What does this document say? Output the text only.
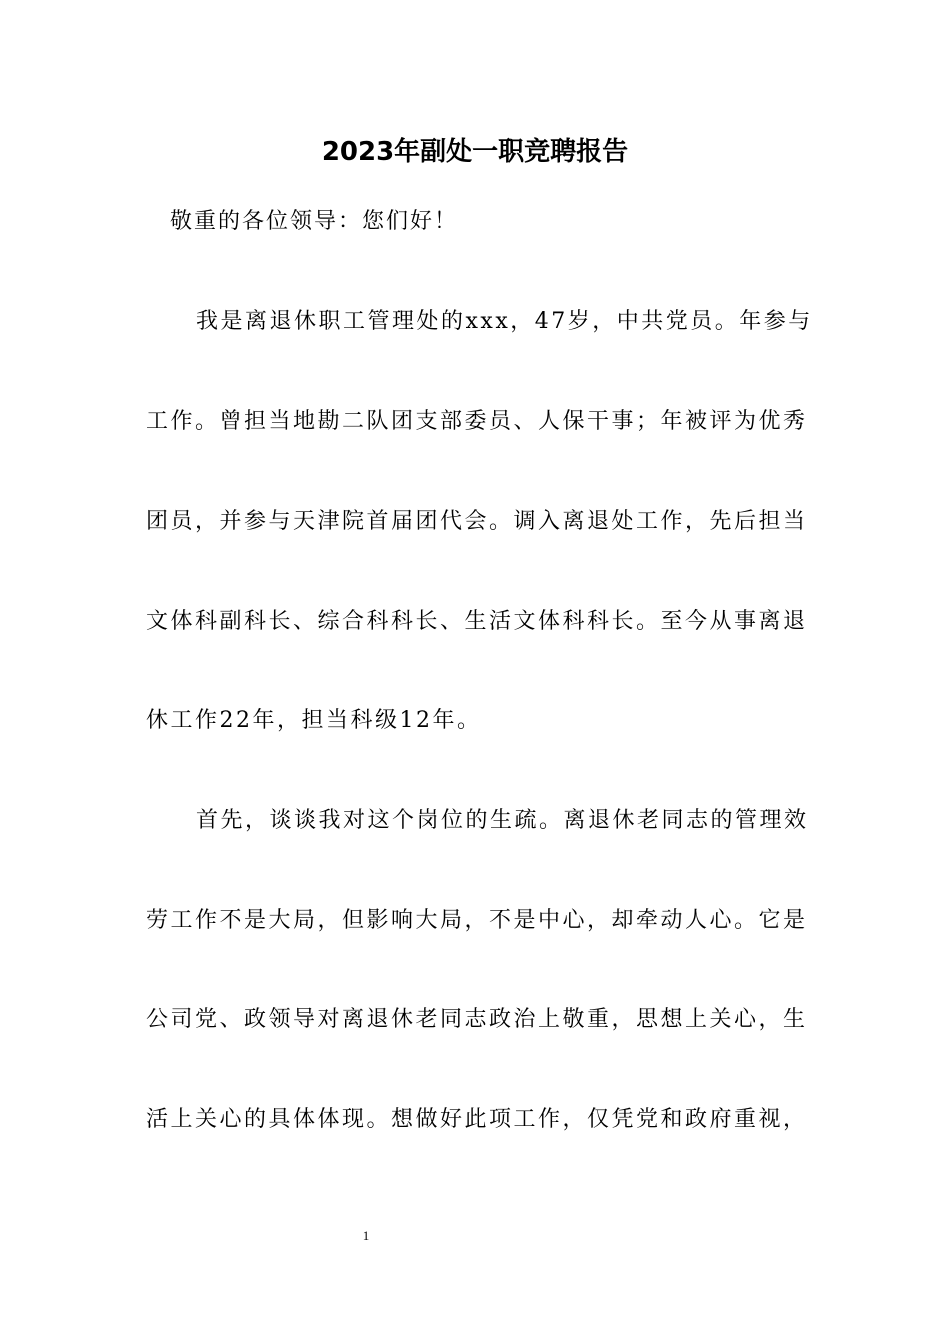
2023年副处一职竞聘报告
敬重的各位领导：您们好！
我是离退休职工管理处的xxx，47岁，中共党员。年参与
工作。曾担当地勘二队团支部委员、人保干事；年被评为优秀
团员，并参与天津院首届团代会。调入离退处工作，先后担当
文体科副科长、综合科科长、生活文体科科长。至今从事离退
休工作22年，担当科级12年。
首先，谈谈我对这个岗位的生疏。离退休老同志的管理效
劳工作不是大局，但影响大局，不是中心，却牵动人心。它是
公司党、政领导对离退休老同志政治上敬重，思想上关心，生
活上关心的具体体现。想做好此项工作，仅凭党和政府重视，
1
